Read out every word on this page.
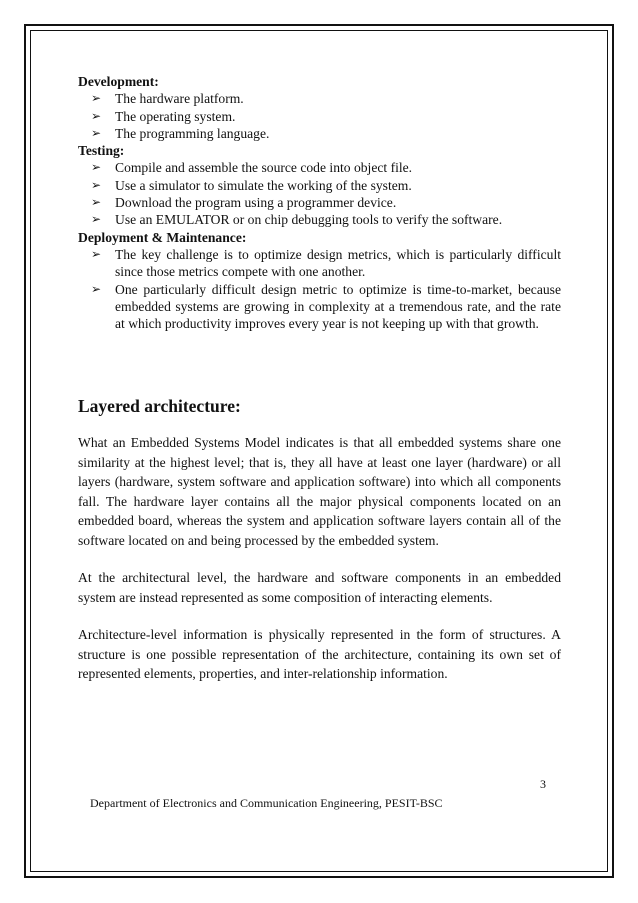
Development:

➢ The hardware platform.
➢ The operating system.
➢ The programming language.

Testing:

➢ Compile and assemble the source code into object file.
➢ Use a simulator to simulate the working of the system.
➢ Download the program using a programmer device.
➢ Use an EMULATOR or on chip debugging tools to verify the software.

Deployment & Maintenance:

➢ The key challenge is to optimize design metrics, which is particularly difficult since those metrics compete with one another.
➢ One particularly difficult design metric to optimize is time-to-market, because embedded systems are growing in complexity at a tremendous rate, and the rate at which productivity improves every year is not keeping up with that growth.
Layered architecture:

What an Embedded Systems Model indicates is that all embedded systems share one similarity at the highest level; that is, they all have at least one layer (hardware) or all layers (hardware, system software and application software) into which all components fall. The hardware layer contains all the major physical components located on an embedded board, whereas the system and application software layers contain all of the software located on and being processed by the embedded system.

At the architectural level, the hardware and software components in an embedded system are instead represented as some composition of interacting elements.

Architecture-level information is physically represented in the form of structures. A structure is one possible representation of the architecture, containing its own set of represented elements, properties, and inter-relationship information.

3
Department of Electronics and Communication Engineering, PESIT-BSC
